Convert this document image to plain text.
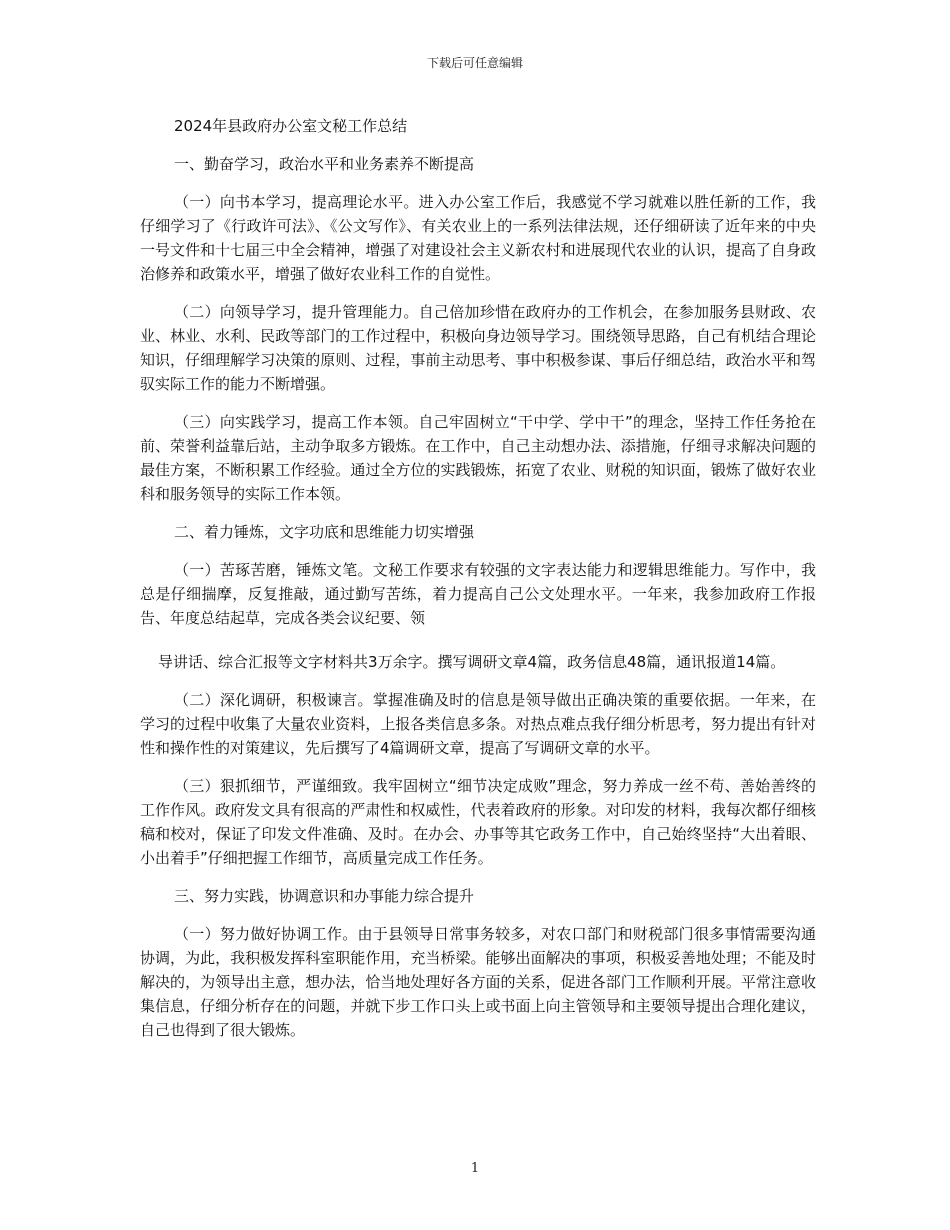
下载后可任意编辑

2024年县政府办公室文秘工作总结

一、勤奋学习，政治水平和业务素养不断提高

（一）向书本学习，提高理论水平。进入办公室工作后，我感觉不学习就难以胜任新的工作，我仔细学习了《行政许可法》、《公文写作》、有关农业上的一系列法律法规，还仔细研读了近年来的中央一号文件和十七届三中全会精神，增强了对建设社会主义新农村和进展现代农业的认识，提高了自身政治修养和政策水平，增强了做好农业科工作的自觉性。

（二）向领导学习，提升管理能力。自己倍加珍惜在政府办的工作机会，在参加服务县财政、农业、林业、水利、民政等部门的工作过程中，积极向身边领导学习。围绕领导思路，自己有机结合理论知识，仔细理解学习决策的原则、过程，事前主动思考、事中积极参谋、事后仔细总结，政治水平和驾驭实际工作的能力不断增强。

（三）向实践学习，提高工作本领。自己牢固树立“干中学、学中干”的理念，坚持工作任务抢在前、荣誉利益靠后站，主动争取多方锻炼。在工作中，自己主动想办法、添措施，仔细寻求解决问题的最佳方案，不断积累工作经验。通过全方位的实践锻炼，拓宽了农业、财税的知识面，锻炼了做好农业科和服务领导的实际工作本领。

二、着力锤炼，文字功底和思维能力切实增强

（一）苦琢苦磨，锤炼文笔。文秘工作要求有较强的文字表达能力和逻辑思维能力。写作中，我总是仔细揣摩，反复推敲，通过勤写苦练，着力提高自己公文处理水平。一年来，我参加政府工作报告、年度总结起草，完成各类会议纪要、领

导讲话、综合汇报等文字材料共3万余字。撰写调研文章4篇，政务信息48篇，通讯报道14篇。

（二）深化调研，积极谏言。掌握准确及时的信息是领导做出正确决策的重要依据。一年来，在学习的过程中收集了大量农业资料，上报各类信息多条。对热点难点我仔细分析思考，努力提出有针对性和操作性的对策建议，先后撰写了4篇调研文章，提高了写调研文章的水平。

（三）狠抓细节，严谨细致。我牢固树立“细节决定成败”理念，努力养成一丝不苟、善始善终的工作作风。政府发文具有很高的严肃性和权威性，代表着政府的形象。对印发的材料，我每次都仔细核稿和校对，保证了印发文件准确、及时。在办会、办事等其它政务工作中，自己始终坚持“大出着眼、小出着手”仔细把握工作细节，高质量完成工作任务。

三、努力实践，协调意识和办事能力综合提升

（一）努力做好协调工作。由于县领导日常事务较多，对农口部门和财税部门很多事情需要沟通协调，为此，我积极发挥科室职能作用，充当桥梁。能够出面解决的事项，积极妥善地处理；不能及时解决的，为领导出主意，想办法，恰当地处理好各方面的关系，促进各部门工作顺利开展。平常注意收集信息，仔细分析存在的问题，并就下步工作口头上或书面上向主管领导和主要领导提出合理化建议，自己也得到了很大锻炼。

1
